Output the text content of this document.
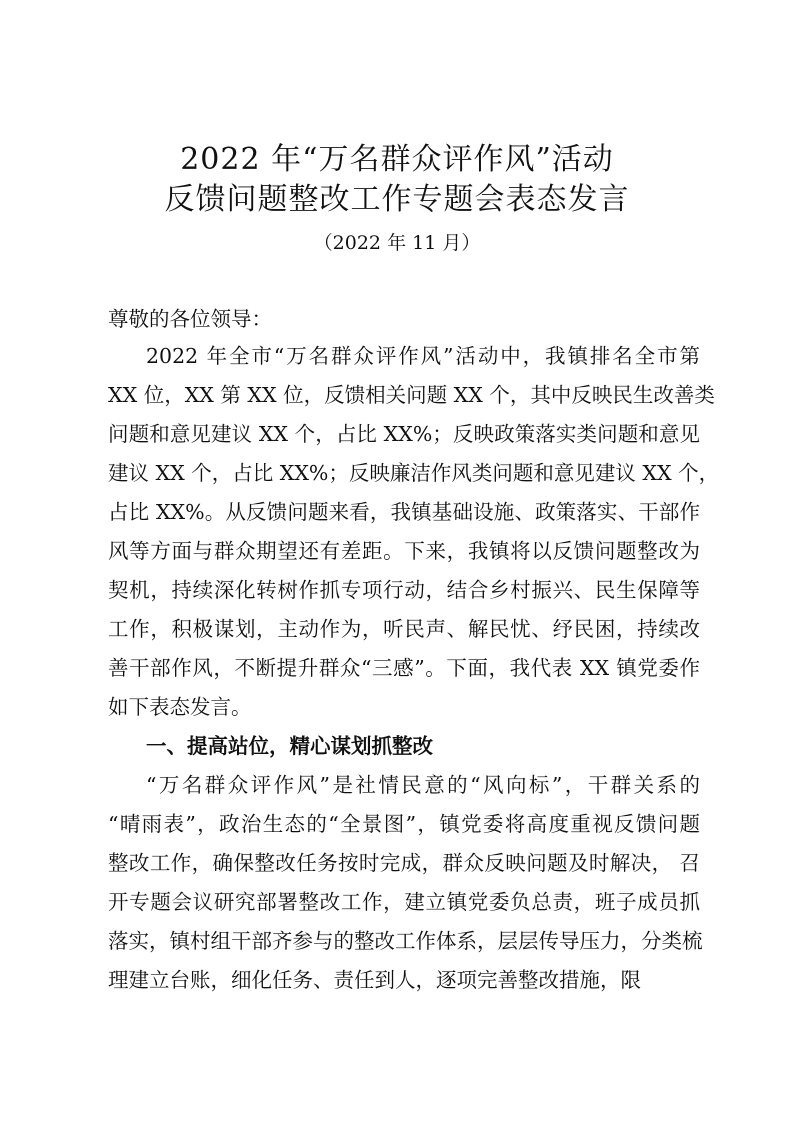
2022 年“万名群众评作风”活动
反馈问题整改工作专题会表态发言
（2022 年 11 月）
尊敬的各位领导：
2022 年全市“万名群众评作风”活动中，我镇排名全市第
XX 位，XX 第 XX 位，反馈相关问题 XX 个，其中反映民生改善类
问题和意见建议 XX 个，占比 XX%；反映政策落实类问题和意见
建议 XX 个，占比 XX%；反映廉洁作风类问题和意见建议 XX 个，
占比 XX%。从反馈问题来看，我镇基础设施、政策落实、干部作
风等方面与群众期望还有差距。下来，我镇将以反馈问题整改为
契机，持续深化转树作抓专项行动，结合乡村振兴、民生保障等
工作，积极谋划，主动作为，听民声、解民忧、纾民困，持续改
善干部作风，不断提升群众“三感”。下面，我代表 XX 镇党委作
如下表态发言。
一、提高站位，精心谋划抓整改
“万名群众评作风”是社情民意的“风向标”，干群关系的
“晴雨表”，政治生态的“全景图”，镇党委将高度重视反馈问题
整改工作，确保整改任务按时完成，群众反映问题及时解决， 召
开专题会议研究部署整改工作，建立镇党委负总责，班子成员抓
落实，镇村组干部齐参与的整改工作体系，层层传导压力，分类梳
理建立台账，细化任务、责任到人，逐项完善整改措施，限
